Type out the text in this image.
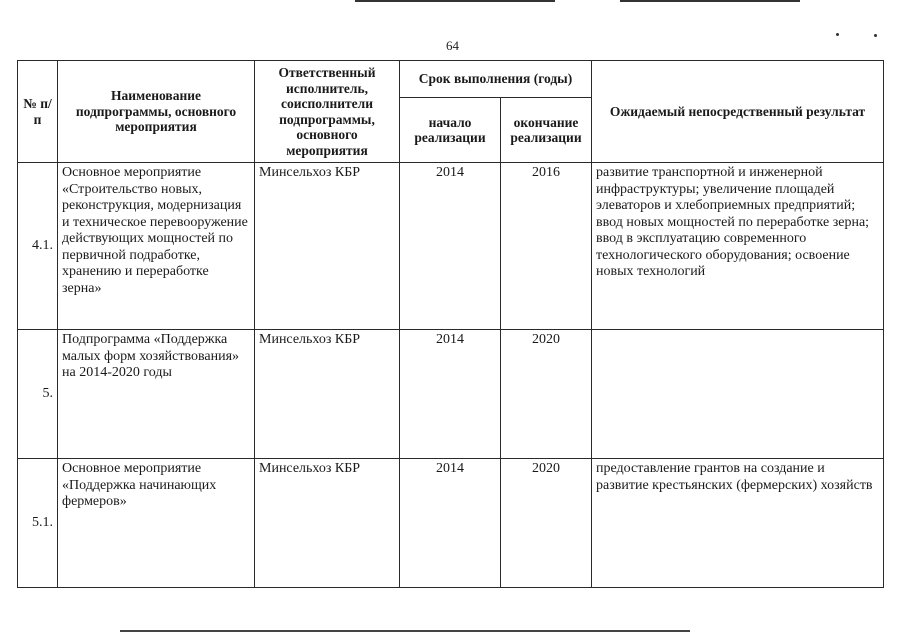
64
№ п/п	Наименование подпрограммы, основного мероприятия	Ответственный исполнитель, соисполнители подпрограммы, основного мероприятия	Срок выполнения (годы)		Ожидаемый непосредственный результат
			начало реализации	окончание реализации	
4.1.	Основное мероприятие «Строительство новых, реконструкция, модернизация и техническое перевооружение действующих мощностей по первичной подработке, хранению и переработке зерна»	Минсельхоз КБР	2014	2016	развитие транспортной и инженерной инфраструктуры; увеличение площадей элеваторов и хлебоприемных предприятий; ввод новых мощностей по переработке зерна; ввод в эксплуатацию современного технологического оборудования; освоение новых технологий
5.	Подпрограмма «Поддержка малых форм хозяйствования» на 2014-2020 годы	Минсельхоз КБР	2014	2020	
5.1.	Основное мероприятие «Поддержка начинающих фермеров»	Минсельхоз КБР	2014	2020	предоставление грантов на создание и развитие крестьянских (фермерских) хозяйств
